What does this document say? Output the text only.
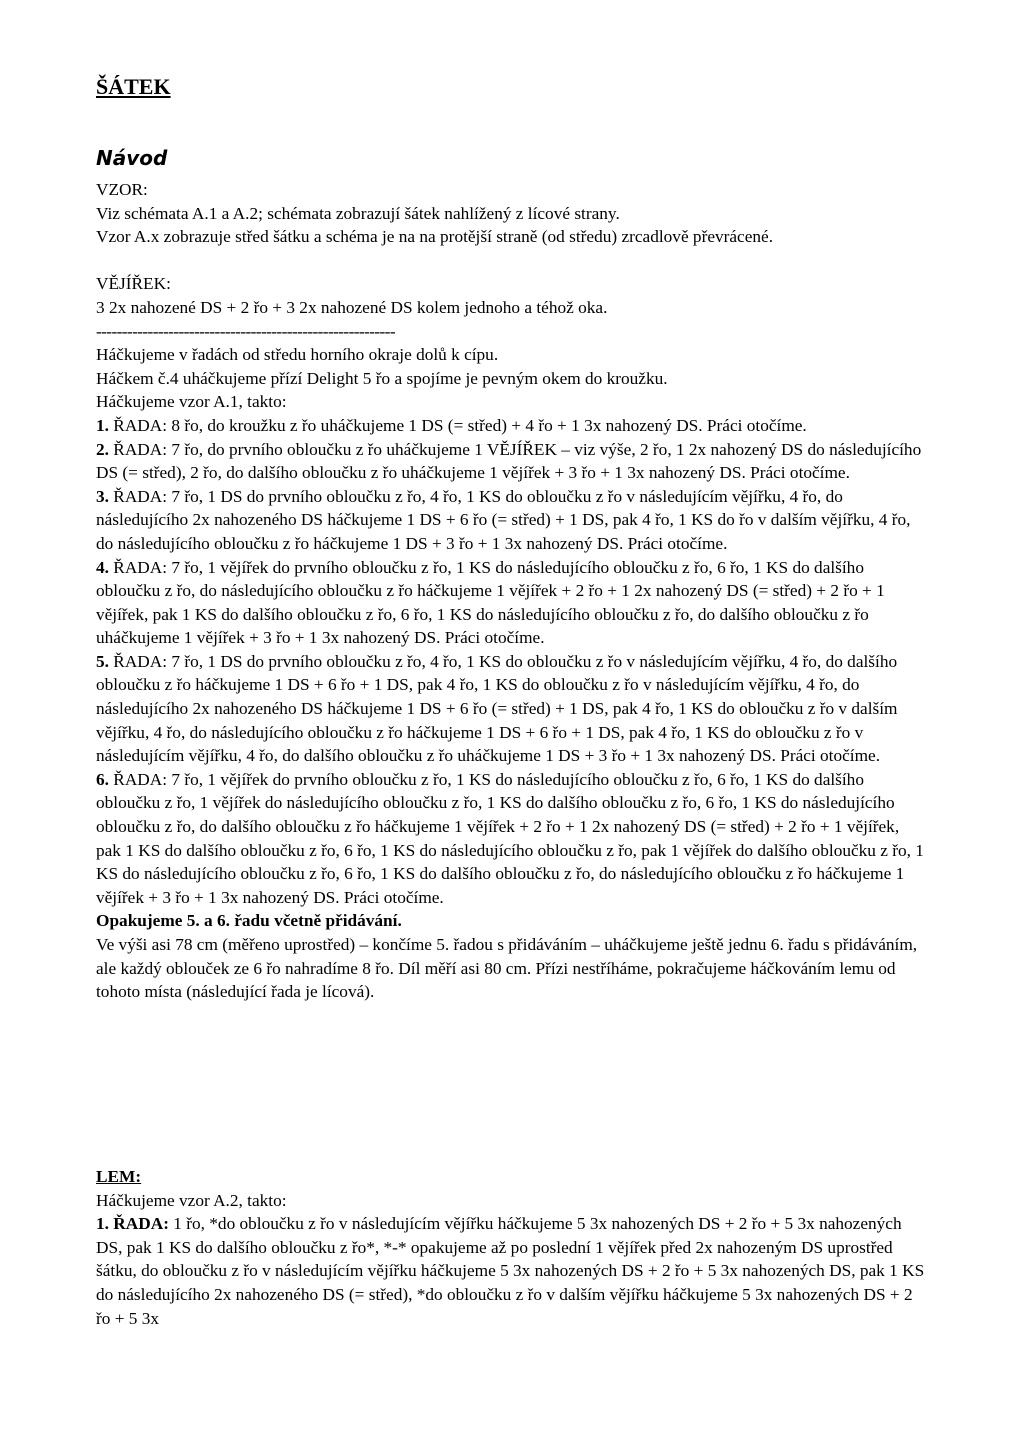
ŠÁTEK
Návod

VZOR:

Viz schémata A.1 a A.2; schémata zobrazují šátek nahlížený z lícové strany.

Vzor A.x zobrazuje střed šátku a schéma je na na protější straně (od středu) zrcadlově převrácené.

VĚJÍŘEK:

3 2x nahozené DS + 2 řo + 3 2x nahozené DS kolem jednoho a téhož oka.

----------------------------------------------------------

Háčkujeme v řadách od středu horního okraje dolů k cípu.

Háčkem č.4 uháčkujeme přízí Delight 5 řo a spojíme je pevným okem do kroužku.

Háčkujeme vzor A.1, takto:

1. ŘADA: 8 řo, do kroužku z řo uháčkujeme 1 DS (= střed) + 4 řo + 1 3x nahozený DS. Práci otočíme.

2. ŘADA: 7 řo, do prvního obloučku z řo uháčkujeme 1 VĚJÍŘEK – viz výše, 2 řo, 1 2x nahozený DS do následujícího DS (= střed), 2 řo, do dalšího obloučku z řo uháčkujeme 1 vějířek + 3 řo + 1 3x nahozený DS. Práci otočíme.

3. ŘADA: 7 řo, 1 DS do prvního obloučku z řo, 4 řo, 1 KS do obloučku z řo v následujícím vějířku, 4 řo, do následujícího 2x nahozeného DS háčkujeme 1 DS + 6 řo (= střed) + 1 DS, pak 4 řo, 1 KS do řo v dalším vějířku, 4 řo, do následujícího obloučku z řo háčkujeme 1 DS + 3 řo + 1 3x nahozený DS. Práci otočíme.

4. ŘADA: 7 řo, 1 vějířek do prvního obloučku z řo, 1 KS do následujícího obloučku z řo, 6 řo, 1 KS do dalšího obloučku z řo, do následujícího obloučku z řo háčkujeme 1 vějířek + 2 řo + 1 2x nahozený DS (= střed) + 2 řo + 1 vějířek, pak 1 KS do dalšího obloučku z řo, 6 řo, 1 KS do následujícího obloučku z řo, do dalšího obloučku z řo uháčkujeme 1 vějířek + 3 řo + 1 3x nahozený DS. Práci otočíme.

5. ŘADA: 7 řo, 1 DS do prvního obloučku z řo, 4 řo, 1 KS do obloučku z řo v následujícím vějířku, 4 řo, do dalšího obloučku z řo háčkujeme 1 DS + 6 řo + 1 DS, pak 4 řo, 1 KS do obloučku z řo v následujícím vějířku, 4 řo, do následujícího 2x nahozeného DS háčkujeme 1 DS + 6 řo (= střed) + 1 DS, pak 4 řo, 1 KS do obloučku z řo v dalším vějířku, 4 řo, do následujícího obloučku z řo háčkujeme 1 DS + 6 řo + 1 DS, pak 4 řo, 1 KS do obloučku z řo v následujícím vějířku, 4 řo, do dalšího obloučku z řo uháčkujeme 1 DS + 3 řo + 1 3x nahozený DS. Práci otočíme.

6. ŘADA: 7 řo, 1 vějířek do prvního obloučku z řo, 1 KS do následujícího obloučku z řo, 6 řo, 1 KS do dalšího obloučku z řo, 1 vějířek do následujícího obloučku z řo, 1 KS do dalšího obloučku z řo, 6 řo, 1 KS do následujícího obloučku z řo, do dalšího obloučku z řo háčkujeme 1 vějířek + 2 řo + 1 2x nahozený DS (= střed) + 2 řo + 1 vějířek, pak 1 KS do dalšího obloučku z řo, 6 řo, 1 KS do následujícího obloučku z řo, pak 1 vějířek do dalšího obloučku z řo, 1 KS do následujícího obloučku z řo, 6 řo, 1 KS do dalšího obloučku z řo, do následujícího obloučku z řo háčkujeme 1 vějířek + 3 řo + 1 3x nahozený DS. Práci otočíme.

Opakujeme 5. a 6. řadu včetně přidávání.

Ve výši asi 78 cm (měřeno uprostřed) – končíme 5. řadou s přidáváním – uháčkujeme ještě jednu 6. řadu s přidáváním, ale každý oblouček ze 6 řo nahradíme 8 řo. Díl měří asi 80 cm. Přízi nestříháme, pokračujeme háčkováním lemu od tohoto místa (následující řada je lícová).

LEM:

Háčkujeme vzor A.2, takto:

1. ŘADA: 1 řo, *do obloučku z řo v následujícím vějířku háčkujeme 5 3x nahozených DS + 2 řo + 5 3x nahozených DS, pak 1 KS do dalšího obloučku z řo*, *-* opakujeme až po poslední 1 vějířek před 2x nahozeným DS uprostřed šátku, do obloučku z řo v následujícím vějířku háčkujeme 5 3x nahozených DS + 2 řo + 5 3x nahozených DS, pak 1 KS do následujícího 2x nahozeného DS (= střed), *do obloučku z řo v dalším vějířku háčkujeme 5 3x nahozených DS + 2 řo + 5 3x
